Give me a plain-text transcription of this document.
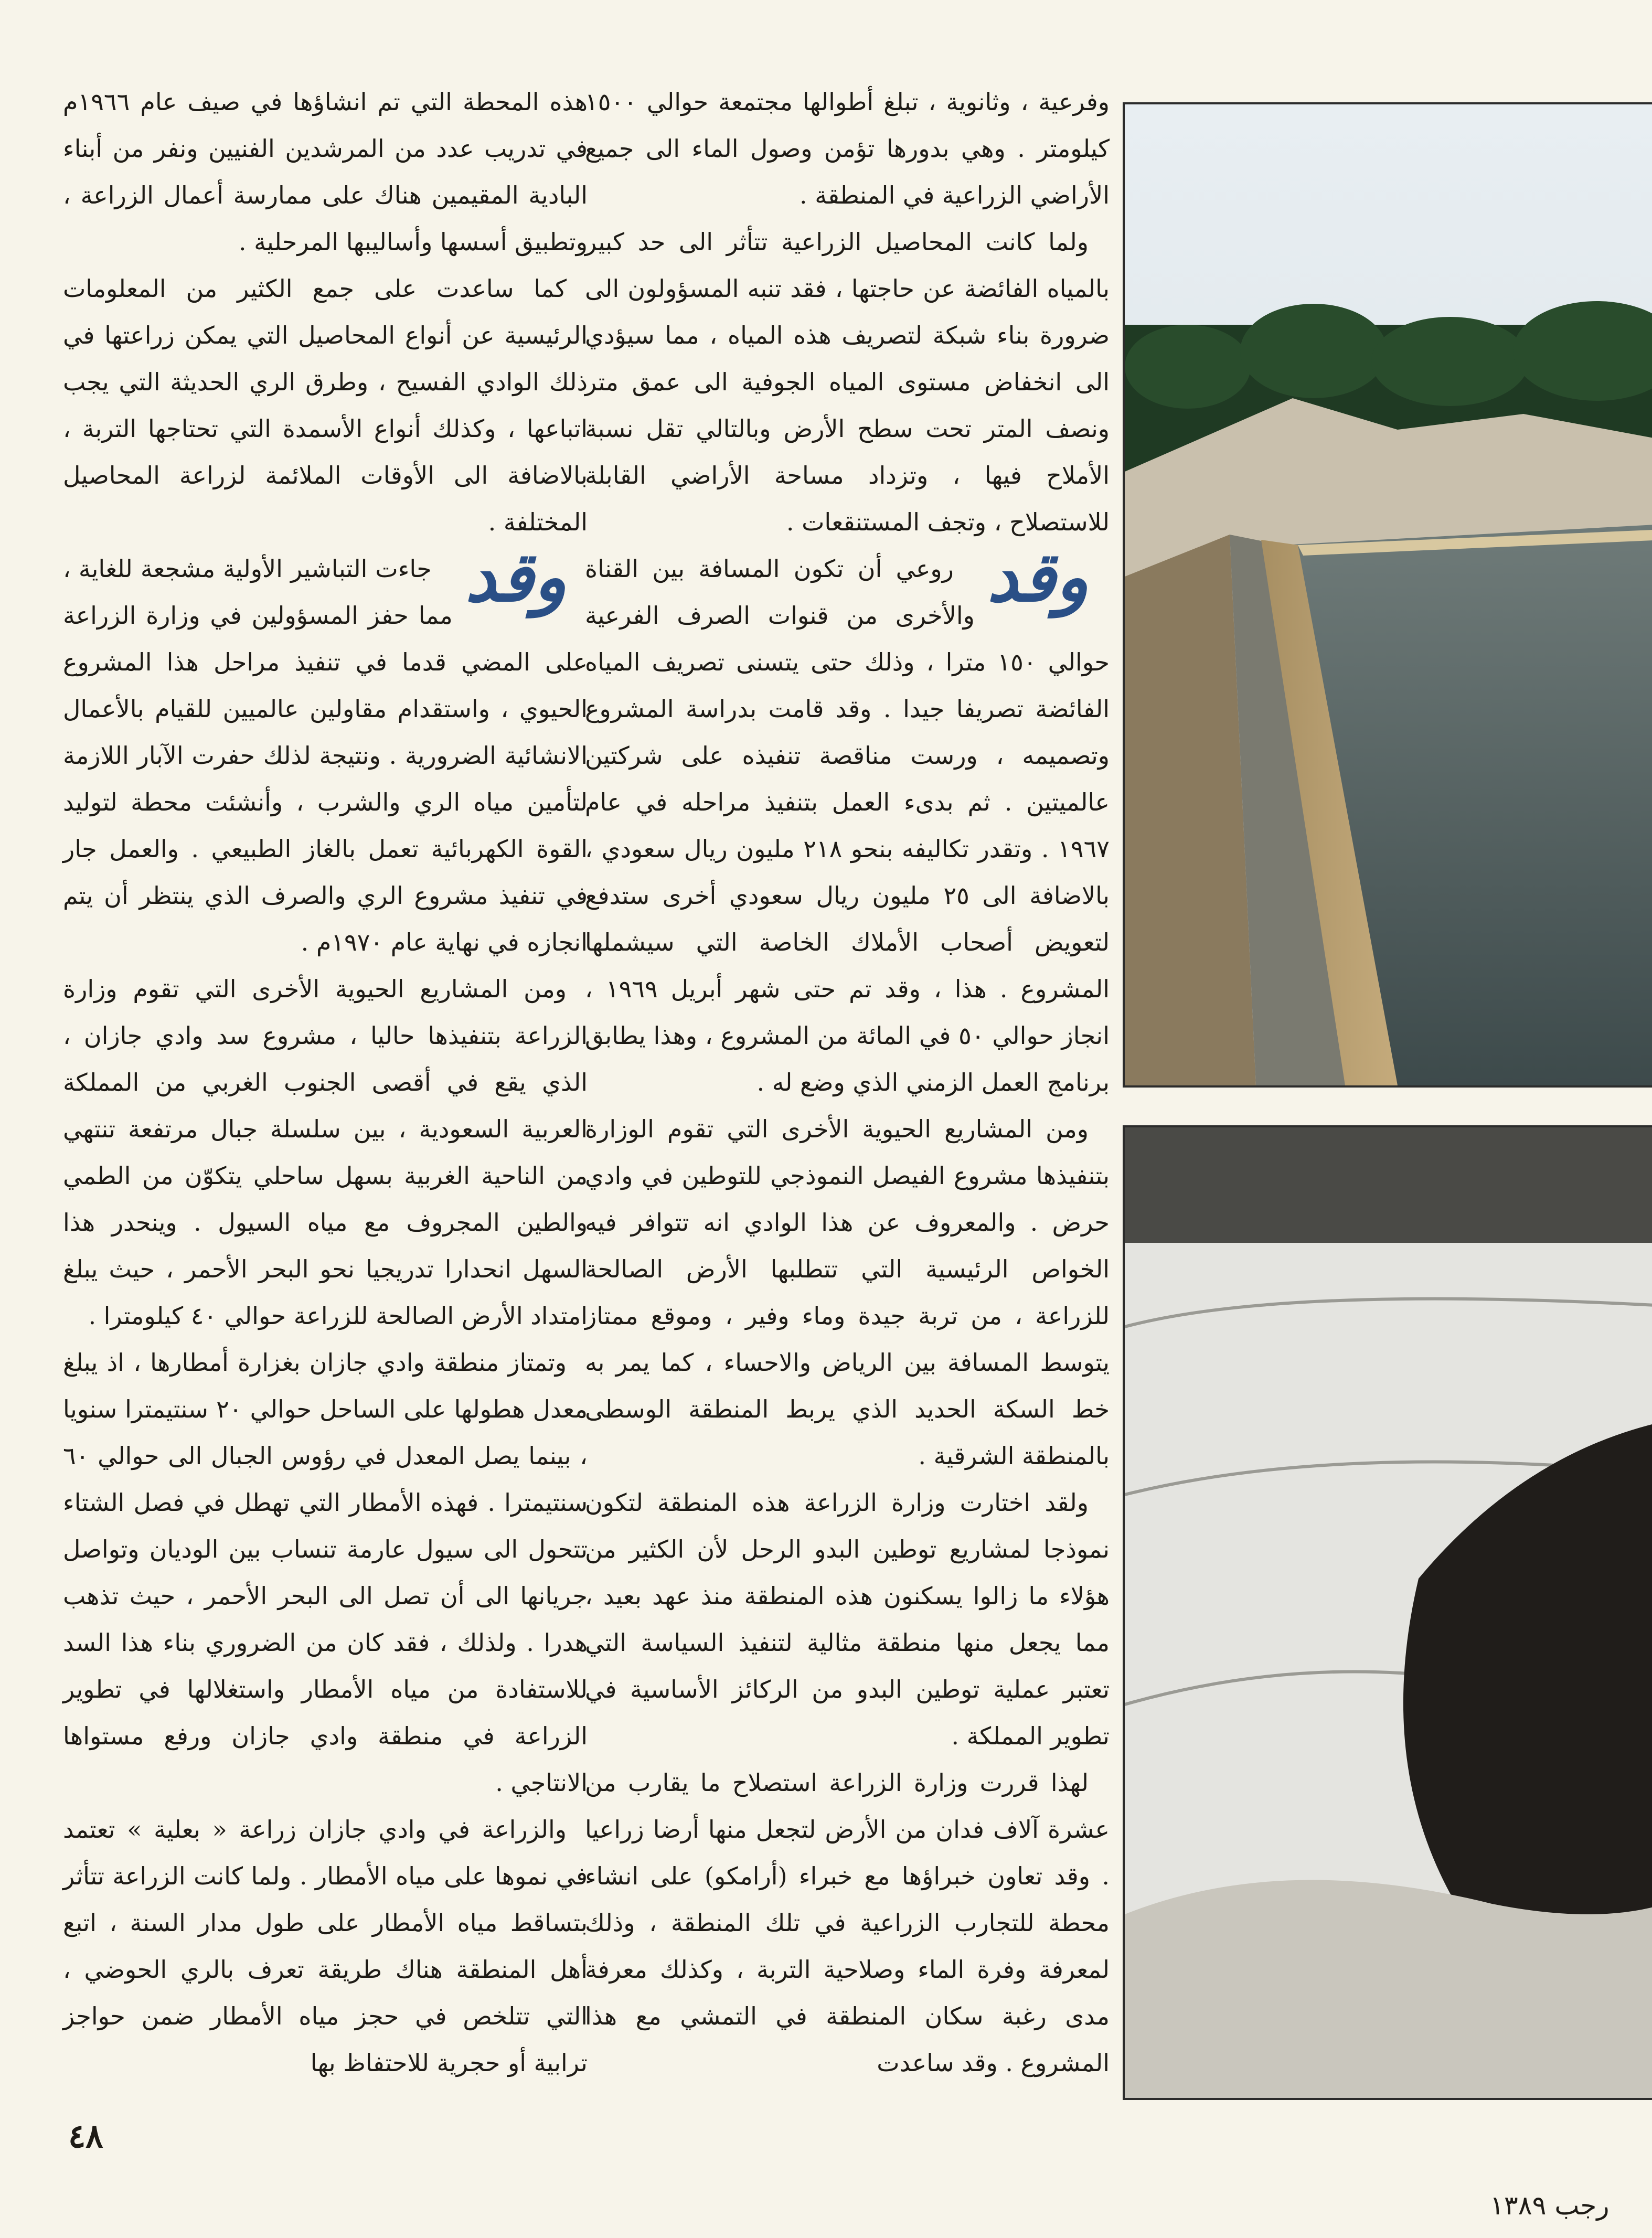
هذه المحطة التي تم انشاؤها في صيف عام ١٩٦٦م في تدريب عدد من المرشدين الفنيين ونفر من أبناء البادية المقيمين هناك على ممارسة أعمال الزراعة ، وتطبيق أسسها وأساليبها المرحلية .

كما ساعدت على جمع الكثير من المعلومات الرئيسية عن أنواع المحاصيل التي يمكن زراعتها في ذلك الوادي الفسيح ، وطرق الري الحديثة التي يجب اتباعها ، وكذلك أنواع الأسمدة التي تحتاجها التربة ، بالاضافة الى الأوقات الملائمة لزراعة المحاصيل المختلفة .

وقد
جاءت التباشير الأولية مشجعة للغاية ، مما حفز المسؤولين في وزارة الزراعة على المضي قدما في تنفيذ مراحل هذا المشروع الحيوي ، واستقدام مقاولين عالميين للقيام بالأعمال الانشائية الضرورية . ونتيجة لذلك حفرت الآبار اللازمة لتأمين مياه الري والشرب ، وأنشئت محطة لتوليد القوة الكهربائية تعمل بالغاز الطبيعي . والعمل جار في تنفيذ مشروع الري والصرف الذي ينتظر أن يتم انجازه في نهاية عام ١٩٧٠م .

ومن المشاريع الحيوية الأخرى التي تقوم وزارة الزراعة بتنفيذها حاليا ، مشروع سد وادي جازان ، الذي يقع في أقصى الجنوب الغربي من المملكة العربية السعودية ، بين سلسلة جبال مرتفعة تنتهي من الناحية الغربية بسهل ساحلي يتكوّن من الطمي والطين المجروف مع مياه السيول . وينحدر هذا السهل انحدارا تدريجيا نحو البحر الأحمر ، حيث يبلغ امتداد الأرض الصالحة للزراعة حوالي ٤٠ كيلومترا .

وتمتاز منطقة وادي جازان بغزارة أمطارها ، اذ يبلغ معدل هطولها على الساحل حوالي ٢٠ سنتيمترا سنويا ، بينما يصل المعدل في رؤوس الجبال الى حوالي ٦٠ سنتيمترا . فهذه الأمطار التي تهطل في فصل الشتاء تتحول الى سيول عارمة تنساب بين الوديان وتواصل جريانها الى أن تصل الى البحر الأحمر ، حيث تذهب هدرا . ولذلك ، فقد كان من الضروري بناء هذا السد للاستفادة من مياه الأمطار واستغلالها في تطوير الزراعة في منطقة وادي جازان ورفع مستواها الانتاجي .

والزراعة في وادي جازان زراعة « بعلية » تعتمد في نموها على مياه الأمطار . ولما كانت الزراعة تتأثر بتساقط مياه الأمطار على طول مدار السنة ، اتبع أهل المنطقة هناك طريقة تعرف بالري الحوضي ، التي تتلخص في حجز مياه الأمطار ضمن حواجز ترابية أو حجرية للاحتفاظ بها

وفرعية ، وثانوية ، تبلغ أطوالها مجتمعة حوالي ١٥٠٠ كيلومتر . وهي بدورها تؤمن وصول الماء الى جميع الأراضي الزراعية في المنطقة .

ولما كانت المحاصيل الزراعية تتأثر الى حد كبير بالمياه الفائضة عن حاجتها ، فقد تنبه المسؤولون الى ضرورة بناء شبكة لتصريف هذه المياه ، مما سيؤدي الى انخفاض مستوى المياه الجوفية الى عمق متر ونصف المتر تحت سطح الأرض وبالتالي تقل نسبة الأملاح فيها ، وتزداد مساحة الأراضي القابلة للاستصلاح ، وتجف المستنقعات .

وقد
روعي أن تكون المسافة بين القناة والأخرى من قنوات الصرف الفرعية حوالي ١٥٠ مترا ، وذلك حتى يتسنى تصريف المياه الفائضة تصريفا جيدا . وقد قامت بدراسة المشروع وتصميمه ، ورست مناقصة تنفيذه على شركتين عالميتين . ثم بدىء العمل بتنفيذ مراحله في عام ١٩٦٧ . وتقدر تكاليفه بنحو ٢١٨ مليون ريال سعودي ، بالاضافة الى ٢٥ مليون ريال سعودي أخرى ستدفع لتعويض أصحاب الأملاك الخاصة التي سيشملها المشروع . هذا ، وقد تم حتى شهر أبريل ١٩٦٩ ، انجاز حوالي ٥٠ في المائة من المشروع ، وهذا يطابق برنامج العمل الزمني الذي وضع له .

ومن المشاريع الحيوية الأخرى التي تقوم الوزارة بتنفيذها مشروع الفيصل النموذجي للتوطين في وادي حرض . والمعروف عن هذا الوادي انه تتوافر فيه الخواص الرئيسية التي تتطلبها الأرض الصالحة للزراعة ، من تربة جيدة وماء وفير ، وموقع ممتاز يتوسط المسافة بين الرياض والاحساء ، كما يمر به خط السكة الحديد الذي يربط المنطقة الوسطى بالمنطقة الشرقية .

ولقد اختارت وزارة الزراعة هذه المنطقة لتكون نموذجا لمشاريع توطين البدو الرحل لأن الكثير من هؤلاء ما زالوا يسكنون هذه المنطقة منذ عهد بعيد ، مما يجعل منها منطقة مثالية لتنفيذ السياسة التي تعتبر عملية توطين البدو من الركائز الأساسية في تطوير المملكة .

لهذا قررت وزارة الزراعة استصلاح ما يقارب من عشرة آلاف فدان من الأرض لتجعل منها أرضا زراعيا . وقد تعاون خبراؤها مع خبراء (أرامكو) على انشاء محطة للتجارب الزراعية في تلك المنطقة ، وذلك لمعرفة وفرة الماء وصلاحية التربة ، وكذلك معرفة مدى رغبة سكان المنطقة في التمشي مع هذا المشروع . وقد ساعدت

٤٨
رجب ١٣٨٩
